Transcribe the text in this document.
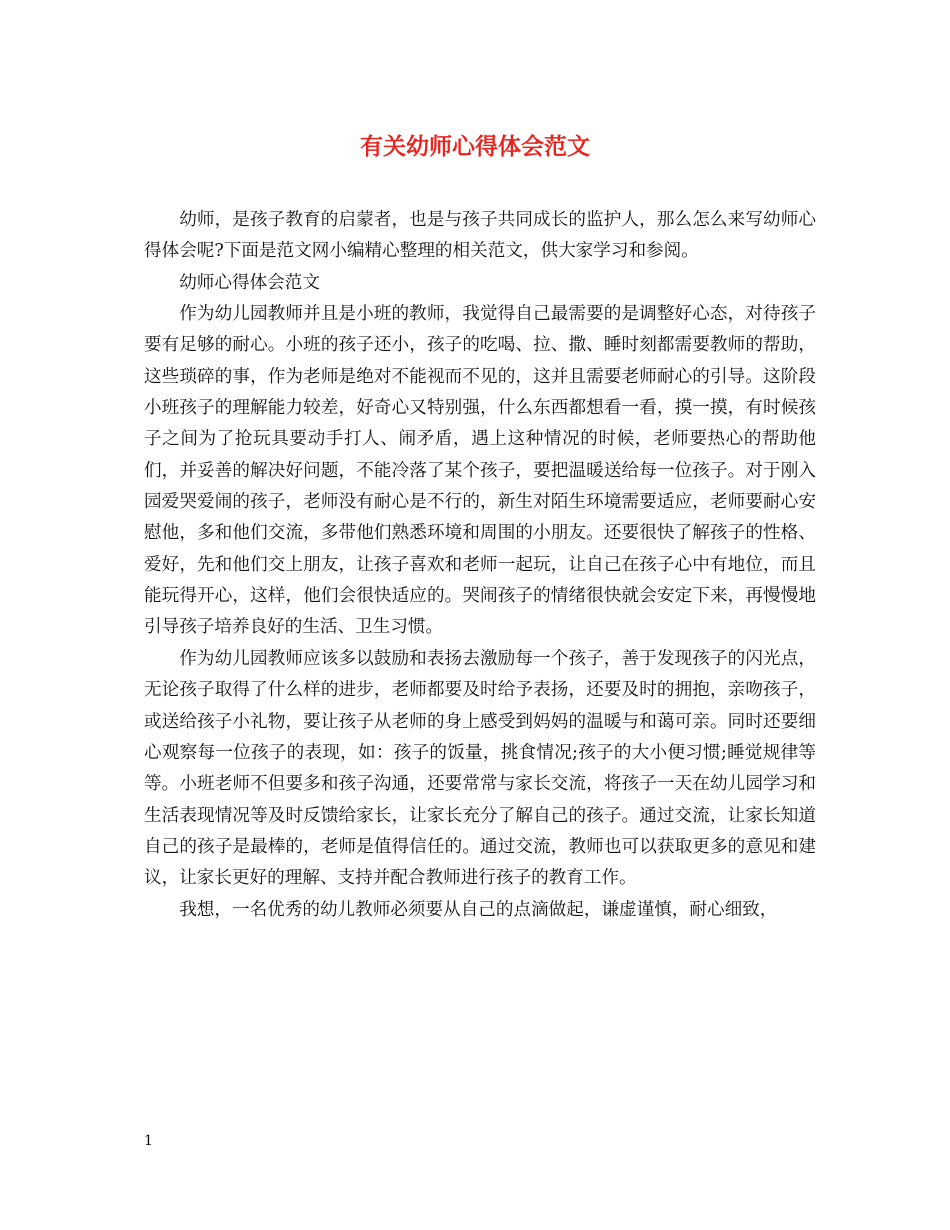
有关幼师心得体会范文

幼师，是孩子教育的启蒙者，也是与孩子共同成长的监护人，那么怎么来写幼师心得体会呢?下面是范文网小编精心整理的相关范文，供大家学习和参阅。

幼师心得体会范文

作为幼儿园教师并且是小班的教师，我觉得自己最需要的是调整好心态，对待孩子要有足够的耐心。小班的孩子还小，孩子的吃喝、拉、撒、睡时刻都需要教师的帮助，这些琐碎的事，作为老师是绝对不能视而不见的，这并且需要老师耐心的引导。这阶段小班孩子的理解能力较差，好奇心又特别强，什么东西都想看一看，摸一摸，有时候孩子之间为了抢玩具要动手打人、闹矛盾，遇上这种情况的时候，老师要热心的帮助他们，并妥善的解决好问题，不能冷落了某个孩子，要把温暖送给每一位孩子。对于刚入园爱哭爱闹的孩子，老师没有耐心是不行的，新生对陌生环境需要适应，老师要耐心安慰他，多和他们交流，多带他们熟悉环境和周围的小朋友。还要很快了解孩子的性格、爱好，先和他们交上朋友，让孩子喜欢和老师一起玩，让自己在孩子心中有地位，而且能玩得开心，这样，他们会很快适应的。哭闹孩子的情绪很快就会安定下来，再慢慢地引导孩子培养良好的生活、卫生习惯。

作为幼儿园教师应该多以鼓励和表扬去激励每一个孩子，善于发现孩子的闪光点，无论孩子取得了什么样的进步，老师都要及时给予表扬，还要及时的拥抱，亲吻孩子，或送给孩子小礼物，要让孩子从老师的身上感受到妈妈的温暖与和蔼可亲。同时还要细心观察每一位孩子的表现，如：孩子的饭量，挑食情况;孩子的大小便习惯;睡觉规律等等。小班老师不但要多和孩子沟通，还要常常与家长交流，将孩子一天在幼儿园学习和生活表现情况等及时反馈给家长，让家长充分了解自己的孩子。通过交流，让家长知道自己的孩子是最棒的，老师是值得信任的。通过交流，教师也可以获取更多的意见和建议，让家长更好的理解、支持并配合教师进行孩子的教育工作。

我想，一名优秀的幼儿教师必须要从自己的点滴做起，谦虚谨慎，耐心细致，

1
